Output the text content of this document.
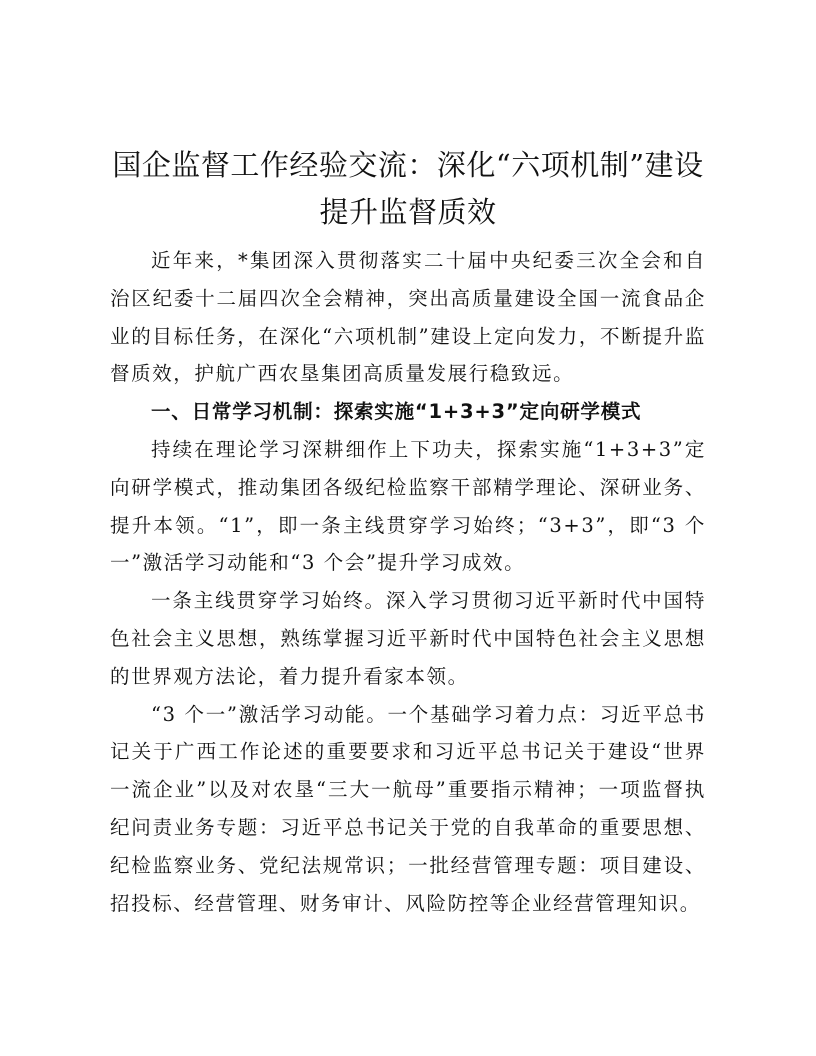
国企监督工作经验交流：深化“六项机制”建设提升监督质效

近年来，*集团深入贯彻落实二十届中央纪委三次全会和自治区纪委十二届四次全会精神，突出高质量建设全国一流食品企业的目标任务，在深化“六项机制”建设上定向发力，不断提升监督质效，护航广西农垦集团高质量发展行稳致远。

一、日常学习机制：探索实施“1+3+3”定向研学模式

持续在理论学习深耕细作上下功夫，探索实施“1+3+3”定向研学模式，推动集团各级纪检监察干部精学理论、深研业务、提升本领。“1”，即一条主线贯穿学习始终；“3+3”，即“3 个一”激活学习动能和“3 个会”提升学习成效。

一条主线贯穿学习始终。深入学习贯彻习近平新时代中国特色社会主义思想，熟练掌握习近平新时代中国特色社会主义思想的世界观方法论，着力提升看家本领。

“3 个一”激活学习动能。一个基础学习着力点：习近平总书记关于广西工作论述的重要要求和习近平总书记关于建设“世界一流企业”以及对农垦“三大一航母”重要指示精神；一项监督执纪问责业务专题：习近平总书记关于党的自我革命的重要思想、纪检监察业务、党纪法规常识；一批经营管理专题：项目建设、招投标、经营管理、财务审计、风险防控等企业经营管理知识。
